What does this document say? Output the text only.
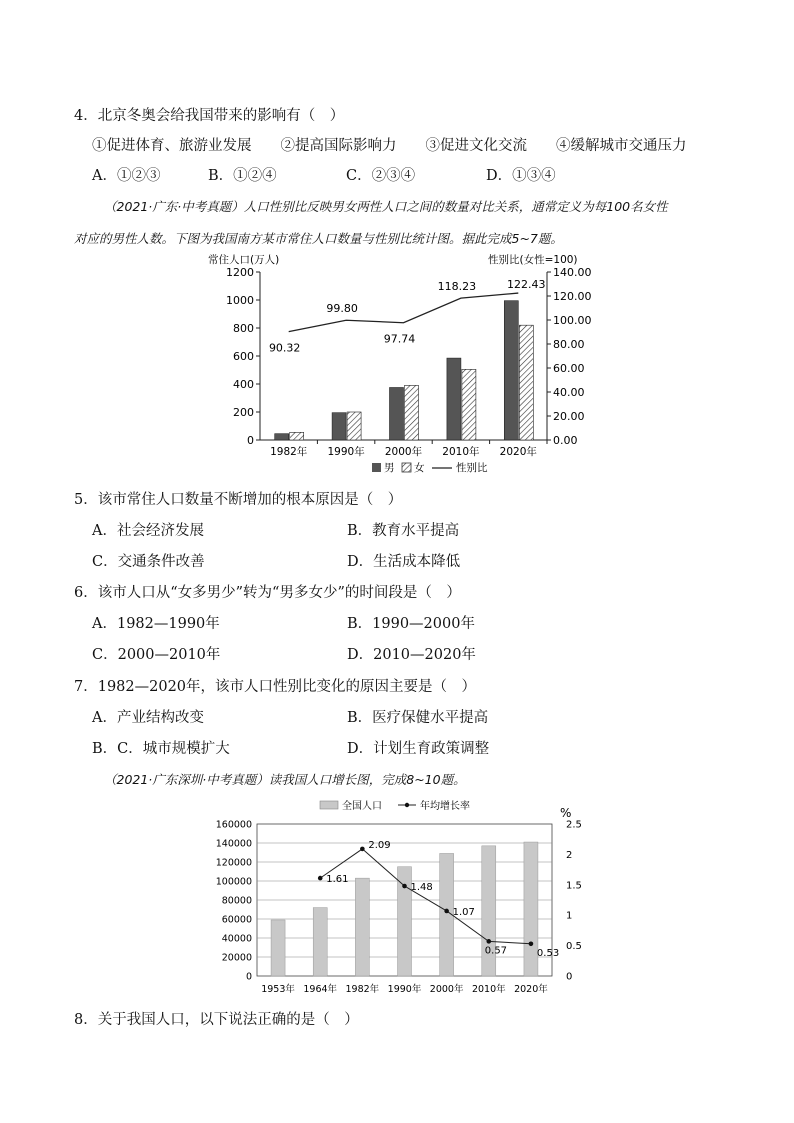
4．北京冬奥会给我国带来的影响有（　）
①促进体育、旅游业发展　　②提高国际影响力　　③促进文化交流　　④缓解城市交通压力
A．①②③	B．①②④	C．②③④	D．①③④
（2021·广东·中考真题）人口性别比反映男女两性人口之间的数量对比关系，通常定义为每100名女性
对应的男性人数。下图为我国南方某市常住人口数量与性别比统计图。据此完成5~7题。
常住人口(万人)	性别比(女性=100)
0
200
400
600
800
1000
1200
0.00
20.00
40.00
60.00
80.00
100.00
120.00
140.00
1982年 1990年 2000年 2010年 2020年
90.32
99.80
97.74
118.23	122.43
男 女	性别比
5．该市常住人口数量不断增加的根本原因是（　）
A．社会经济发展	B．教育水平提高
C．交通条件改善	D．生活成本降低
6．该市人口从“女多男少”转为“男多女少”的时间段是（　）
A．1982—1990年	B．1990—2000年
C．2000—2010年	D．2010—2020年
7．1982—2020年，该市人口性别比变化的原因主要是（　）
A．产业结构改变	B．医疗保健水平提高
B．C．城市规模扩大	D．计划生育政策调整
（2021·广东深圳·中考真题）读我国人口增长图，完成8~10题。
全国人口	年均增长率	%
0
20000
40000
60000
80000
100000
120000
140000
160000
0
0.5
1
1.5
2
2.5
1953年 1964年 1982年 1990年 2000年 2010年 2020年
1.61
2.09
1.48
1.07
0.57	0.53
8．关于我国人口，以下说法正确的是（　）
